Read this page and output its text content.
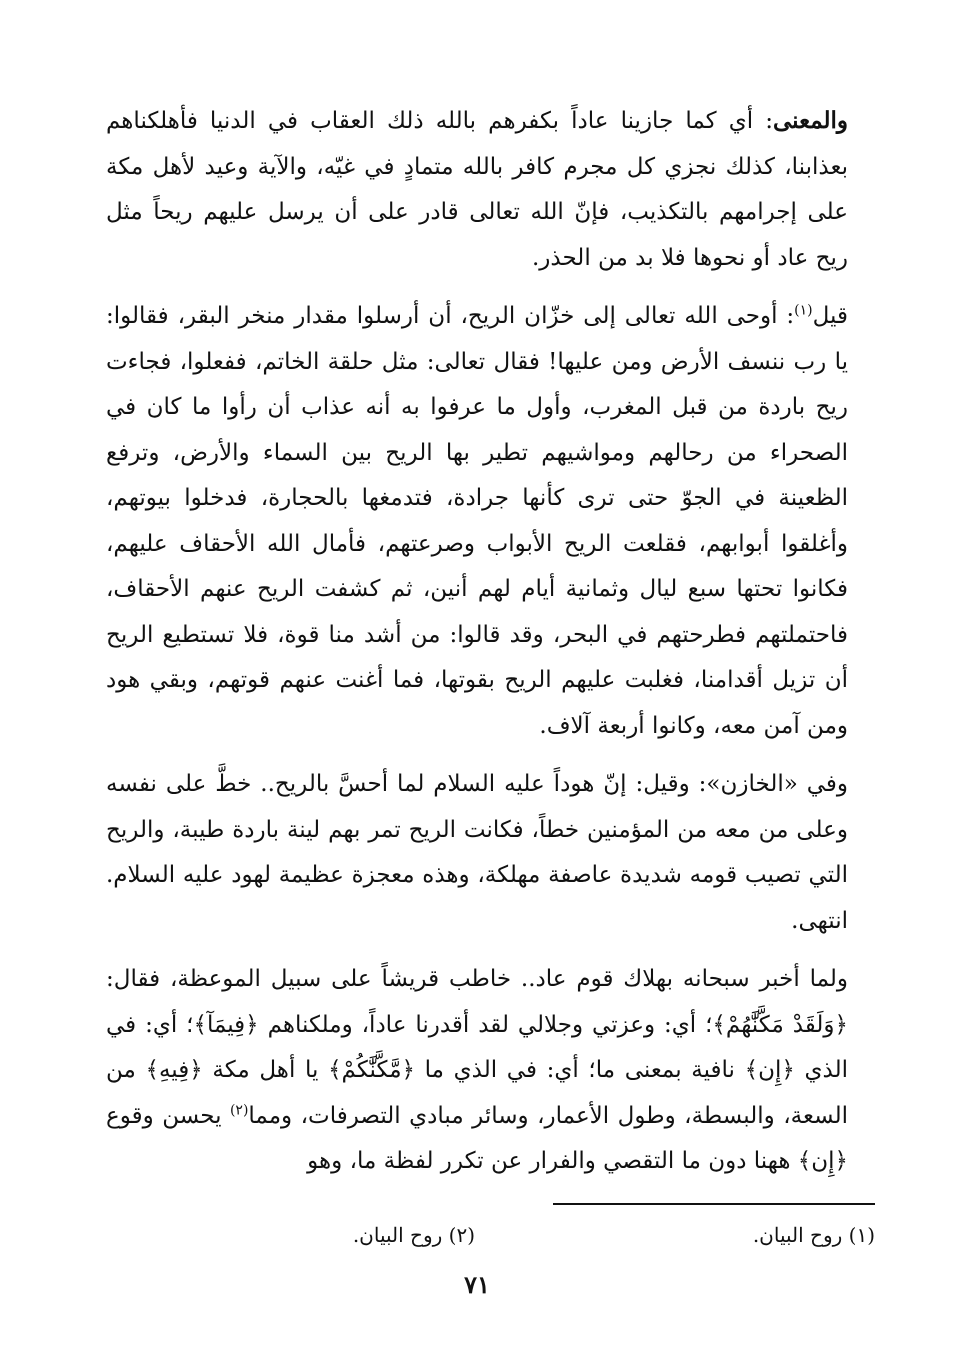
والمعنى: أي كما جازينا عاداً بكفرهم بالله ذلك العقاب في الدنيا فأهلكناهم بعذابنا، كذلك نجزي كل مجرم كافر بالله متمادٍ في غيّه، والآية وعيد لأهل مكة على إجرامهم بالتكذيب، فإنّ الله تعالى قادر على أن يرسل عليهم ريحاً مثل ريح عاد أو نحوها فلا بد من الحذر.

قيل$^{(١)}$: أوحى الله تعالى إلى خزّان الريح، أن أرسلوا مقدار منخر البقر، فقالوا: يا رب ننسف الأرض ومن عليها! فقال تعالى: مثل حلقة الخاتم، ففعلوا، فجاءت ريح باردة من قبل المغرب، وأول ما عرفوا به أنه عذاب أن رأوا ما كان في الصحراء من رحالهم ومواشيهم تطير بها الريح بين السماء والأرض، وترفع الظعينة في الجوّ حتى ترى كأنها جرادة، فتدمغها بالحجارة، فدخلوا بيوتهم، وأغلقوا أبوابهم، فقلعت الريح الأبواب وصرعتهم، فأمال الله الأحقاف عليهم، فكانوا تحتها سبع ليال وثمانية أيام لهم أنين، ثم كشفت الريح عنهم الأحقاف، فاحتملتهم فطرحتهم في البحر، وقد قالوا: من أشد منا قوة، فلا تستطيع الريح أن تزيل أقدامنا، فغلبت عليهم الريح بقوتها، فما أغنت عنهم قوتهم، وبقي هود ومن آمن معه، وكانوا أربعة آلاف.

وفي «الخازن»: وقيل: إنّ هوداً عليه السلام لما أحسَّ بالريح.. خطَّ على نفسه وعلى من معه من المؤمنين خطاً، فكانت الريح تمر بهم لينة باردة طيبة، والريح التي تصيب قومه شديدة عاصفة مهلكة، وهذه معجزة عظيمة لهود عليه السلام. انتهى.

ولما أخبر سبحانه بهلاك قوم عاد.. خاطب قريشاً على سبيل الموعظة، فقال: ﴿وَلَقَدْ مَكَّنَّٰهُمْ﴾؛ أي: وعزتي وجلالي لقد أقدرنا عاداً، وملكناهم ﴿فِيمَآ﴾؛ أي: في الذي ﴿إِن﴾ نافية بمعنى ما؛ أي: في الذي ما ﴿مَّكَّنَّٰكُمْ﴾ يا أهل مكة ﴿فِيهِ﴾ من السعة، والبسطة، وطول الأعمار، وسائر مبادي التصرفات، ومما$^{(٢)}$ يحسن وقوع ﴿إِن﴾ ههنا دون ما التقصي والفرار عن تكرر لفظة ما، وهو

(١) روح البيان.
(٢) روح البيان.
٧١
